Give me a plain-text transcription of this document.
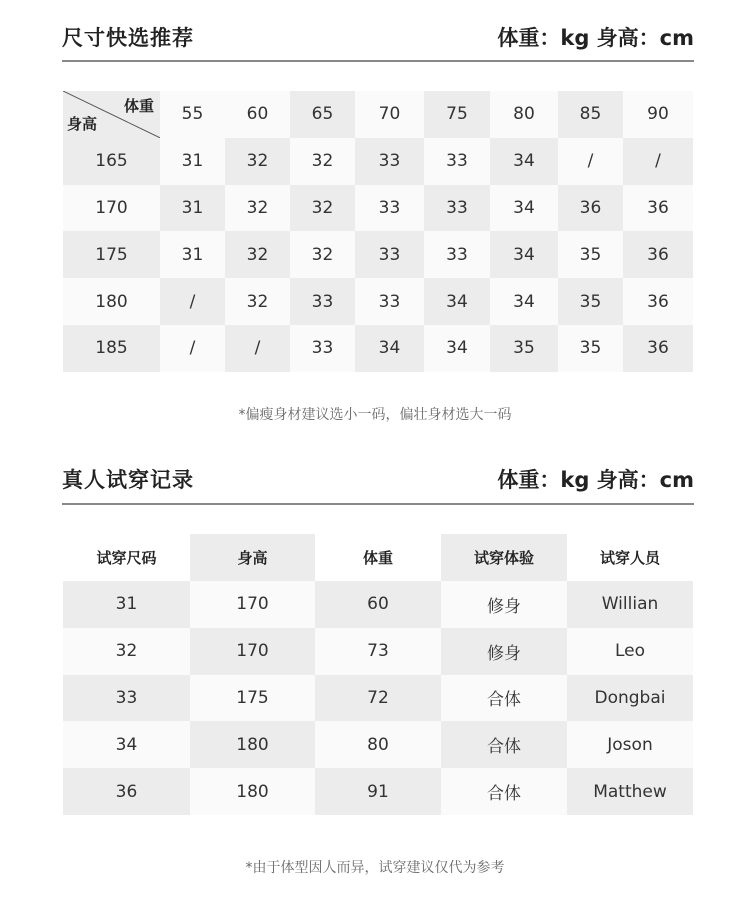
尺寸快选推荐	体重：kg 身高：cm
体重
身高	55	60	65	70	75	80	85	90
165	31	32	32	33	33	34	/	/
170	31	32	32	33	33	34	36	36
175	31	32	32	33	33	34	35	36
180	/	32	33	33	34	34	35	36
185	/	/	33	34	34	35	35	36
*偏瘦身材建议选小一码，偏壮身材选大一码
真人试穿记录	体重：kg 身高：cm
试穿尺码	身高	体重	试穿体验	试穿人员
31	170	60	修身	Willian
32	170	73	修身	Leo
33	175	72	合体	Dongbai
34	180	80	合体	Joson
36	180	91	合体	Matthew
*由于体型因人而异，试穿建议仅代为参考
